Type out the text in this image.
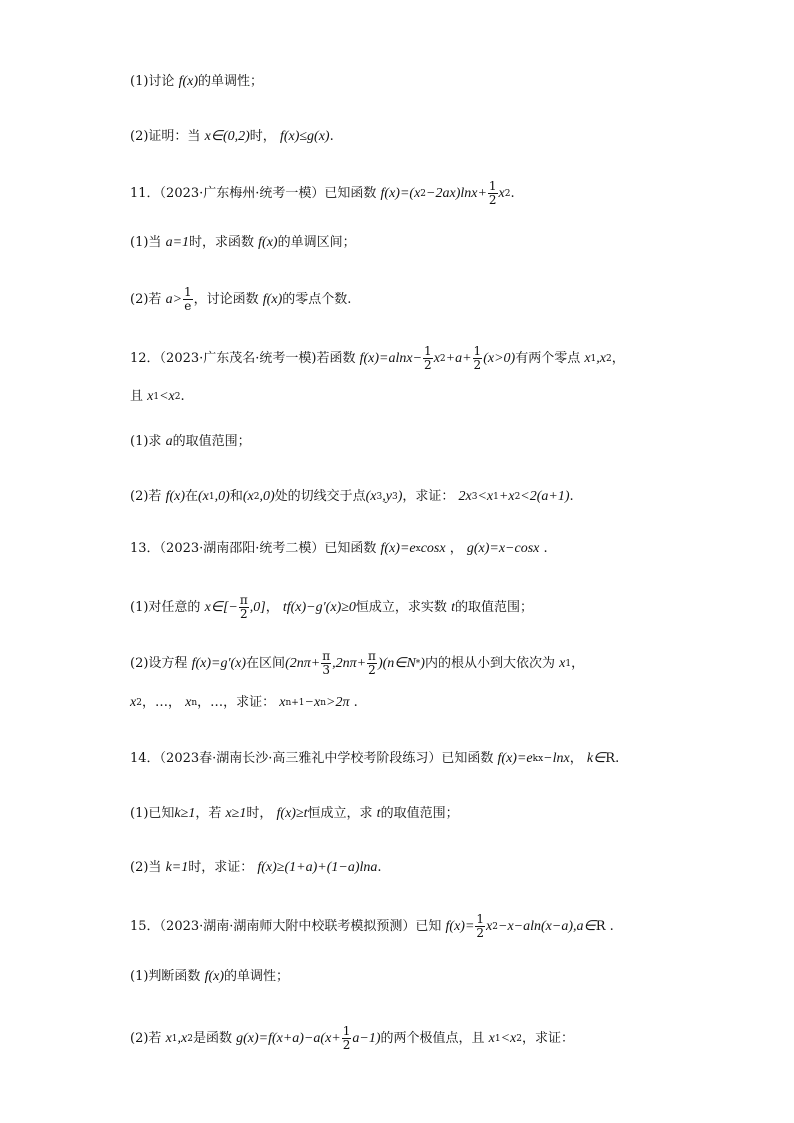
(1)讨论 f(x) 的单调性；
(2)证明：当 x∈(0,2) 时， f(x)≤g(x) .
11．（2023·广东梅州·统考一模）已知函数 f(x)=(x $2 -2ax)\ln x+ \frac{1}{2}$ x 2 .
(1)当 a=1 时，求函数 f(x) 的单调区间；
(2)若 $a> \frac{1}{e}$ ，讨论函数 f(x) 的零点个数.
12．（2023·广东茂名·统考一模)若函数 $f(x)=alnx- \frac{1}{2}$ x $2 +a+ \frac{1}{2} (x>0)$ 有两个零点 x 1 ,x 2 ，
且 x 1 <x 2 .
(1)求 a 的取值范围；
(2)若 f(x) 在 (x 1 ,0) 和 (x 2 ,0) 处的切线交于点 (x 3 ,y 3 ) ，求证： 2x 3 <x 1 +x 2 <2(a+1) .
13．（2023·湖南邵阳·统考二模）已知函数 f(x)=e x cosx ， g(x)=x−cosx .
(1)对任意的 x∈[− $\frac{\pi}{2} ,0$] ， tf(x)−g′(x)≥0 恒成立，求实数 t 的取值范围；
(2)设方程 f(x)=g′(x) 在区间 ($2n\pi+ \frac{\pi}{3} ,2n\pi+ \frac{\pi}{2}$ )(n∈N * ) 内的根从小到大依次为 x 1 ，
x 2 ，…， x n ，…，求证： x n+1 −x n >2π .
14．（2023春·湖南长沙·高三雅礼中学校考阶段练习）已知函数 f(x)=e kx −lnx ， k∈ R.
(1)已知 k≥1 ，若 x≥1 时， f(x)≥t 恒成立，求 t 的取值范围；
(2)当 k=1 时，求证： f(x)≥(1+a)+(1−a)lna .
15．（2023·湖南·湖南师大附中校联考模拟预测）已知 $f(x)= \frac{1}{2}$ x 2 −x−aln(x−a),a∈ R .
(1)判断函数 f(x) 的单调性；
(2)若 x 1 ,x 2 是函数 $g(x)=f(x+a)-a(x+ \frac{1}{2} a-1)$ 的两个极值点，且 x 1 <x 2 ，求证：
